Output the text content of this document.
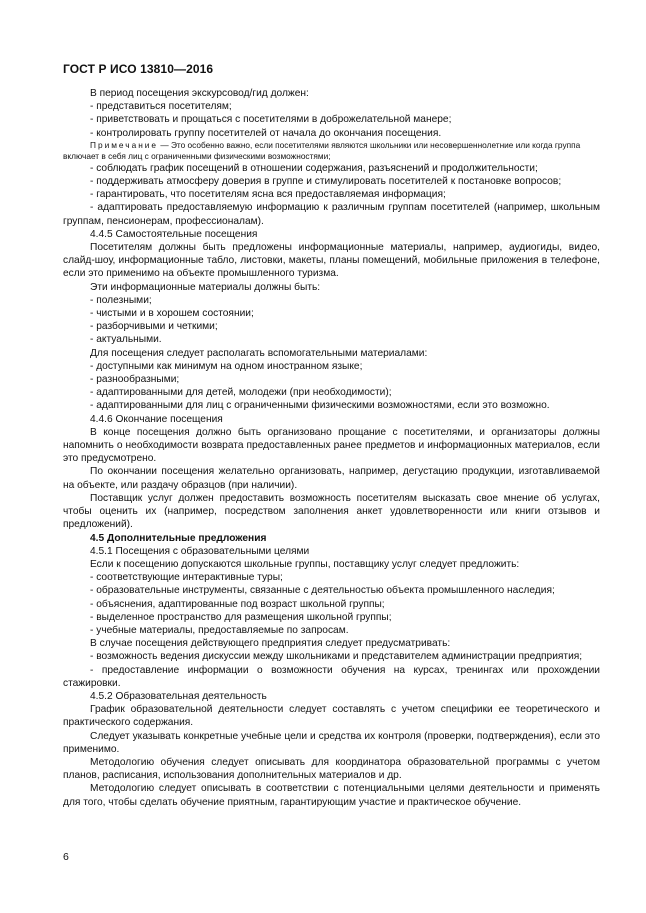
ГОСТ Р ИСО 13810—2016

В период посещения экскурсовод/гид должен:

- представиться посетителям;

- приветствовать и прощаться с посетителями в доброжелательной манере;

- контролировать группу посетителей от начала до окончания посещения.

Примечание — Это особенно важно, если посетителями являются школьники или несовершеннолетние или когда группа включает в себя лиц с ограниченными физическими возможностями;

- соблюдать график посещений в отношении содержания, разъяснений и продолжительности;

- поддерживать атмосферу доверия в группе и стимулировать посетителей к постановке вопросов;

- гарантировать, что посетителям ясна вся предоставляемая информация;

- адаптировать предоставляемую информацию к различным группам посетителей (например, школьным группам, пенсионерам, профессионалам).

4.4.5 Самостоятельные посещения

Посетителям должны быть предложены информационные материалы, например, аудиогиды, видео, слайд-шоу, информационные табло, листовки, макеты, планы помещений, мобильные приложения в телефоне, если это применимо на объекте промышленного туризма.

Эти информационные материалы должны быть:

- полезными;

- чистыми и в хорошем состоянии;

- разборчивыми и четкими;

- актуальными.

Для посещения следует располагать вспомогательными материалами:

- доступными как минимум на одном иностранном языке;

- разнообразными;

- адаптированными для детей, молодежи (при необходимости);

- адаптированными для лиц с ограниченными физическими возможностями, если это возможно.

4.4.6 Окончание посещения

В конце посещения должно быть организовано прощание с посетителями, и организаторы должны напомнить о необходимости возврата предоставленных ранее предметов и информационных материалов, если это предусмотрено.

По окончании посещения желательно организовать, например, дегустацию продукции, изготавливаемой на объекте, или раздачу образцов (при наличии).

Поставщик услуг должен предоставить возможность посетителям высказать свое мнение об услугах, чтобы оценить их (например, посредством заполнения анкет удовлетворенности или книги отзывов и предложений).

4.5 Дополнительные предложения

4.5.1 Посещения с образовательными целями

Если к посещению допускаются школьные группы, поставщику услуг следует предложить:

- соответствующие интерактивные туры;

- образовательные инструменты, связанные с деятельностью объекта промышленного наследия;

- объяснения, адаптированные под возраст школьной группы;

- выделенное пространство для размещения школьной группы;

- учебные материалы, предоставляемые по запросам.

В случае посещения действующего предприятия следует предусматривать:

- возможность ведения дискуссии между школьниками и представителем администрации предприятия;

- предоставление информации о возможности обучения на курсах, тренингах или прохождении стажировки.

4.5.2 Образовательная деятельность

График образовательной деятельности следует составлять с учетом специфики ее теоретического и практического содержания.

Следует указывать конкретные учебные цели и средства их контроля (проверки, подтверждения), если это применимо.

Методологию обучения следует описывать для координатора образовательной программы с учетом планов, расписания, использования дополнительных материалов и др.

Методологию следует описывать в соответствии с потенциальными целями деятельности и применять для того, чтобы сделать обучение приятным, гарантирующим участие и практическое обучение.

6
